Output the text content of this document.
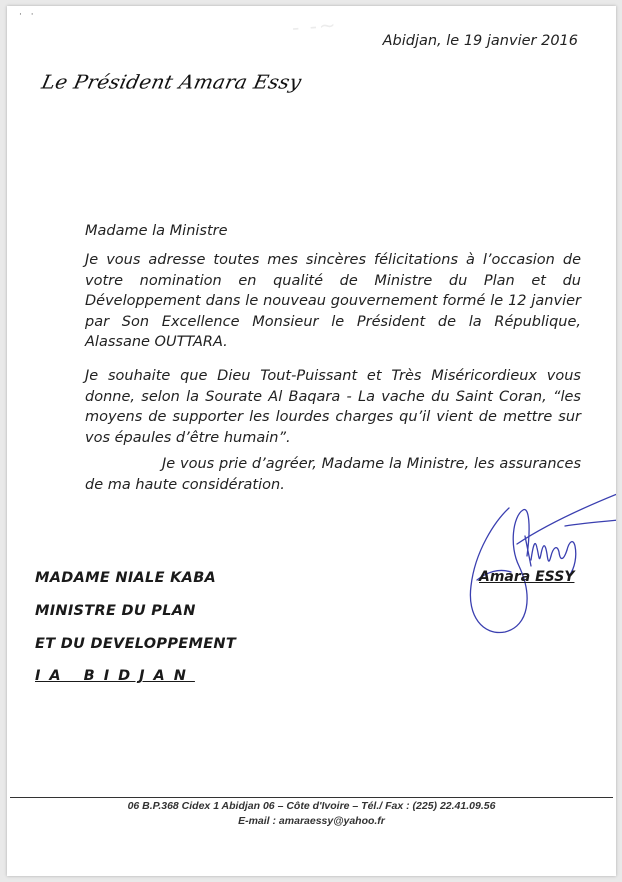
· ·	- -~
Abidjan, le 19 janvier 2016
Le Président Amara Essy

Madame la Ministre

Je vous adresse toutes mes sincères félicitations à l’occasion de votre nomination en qualité de Ministre du Plan et du Développement dans le nouveau gouvernement formé le 12 janvier par Son Excellence Monsieur le Président de la République, Alassane OUTTARA.

Je souhaite que Dieu Tout-Puissant et Très Miséricordieux vous donne, selon la Sourate Al Baqara - La vache du Saint Coran, “les moyens de supporter les lourdes charges qu’il vient de mettre sur vos épaules d’être humain”.

Je vous prie d’agréer, Madame la Ministre, les assurances de ma haute considération.

Amara ESSY

MADAME NIALE KABA

MINISTRE DU PLAN

ET DU DEVELOPPEMENT

IA BIDJAN

06 B.P.368 Cidex 1 Abidjan 06 – Côte d'Ivoire – Tél./ Fax : (225) 22.41.09.56
E-mail : amaraessy@yahoo.fr
